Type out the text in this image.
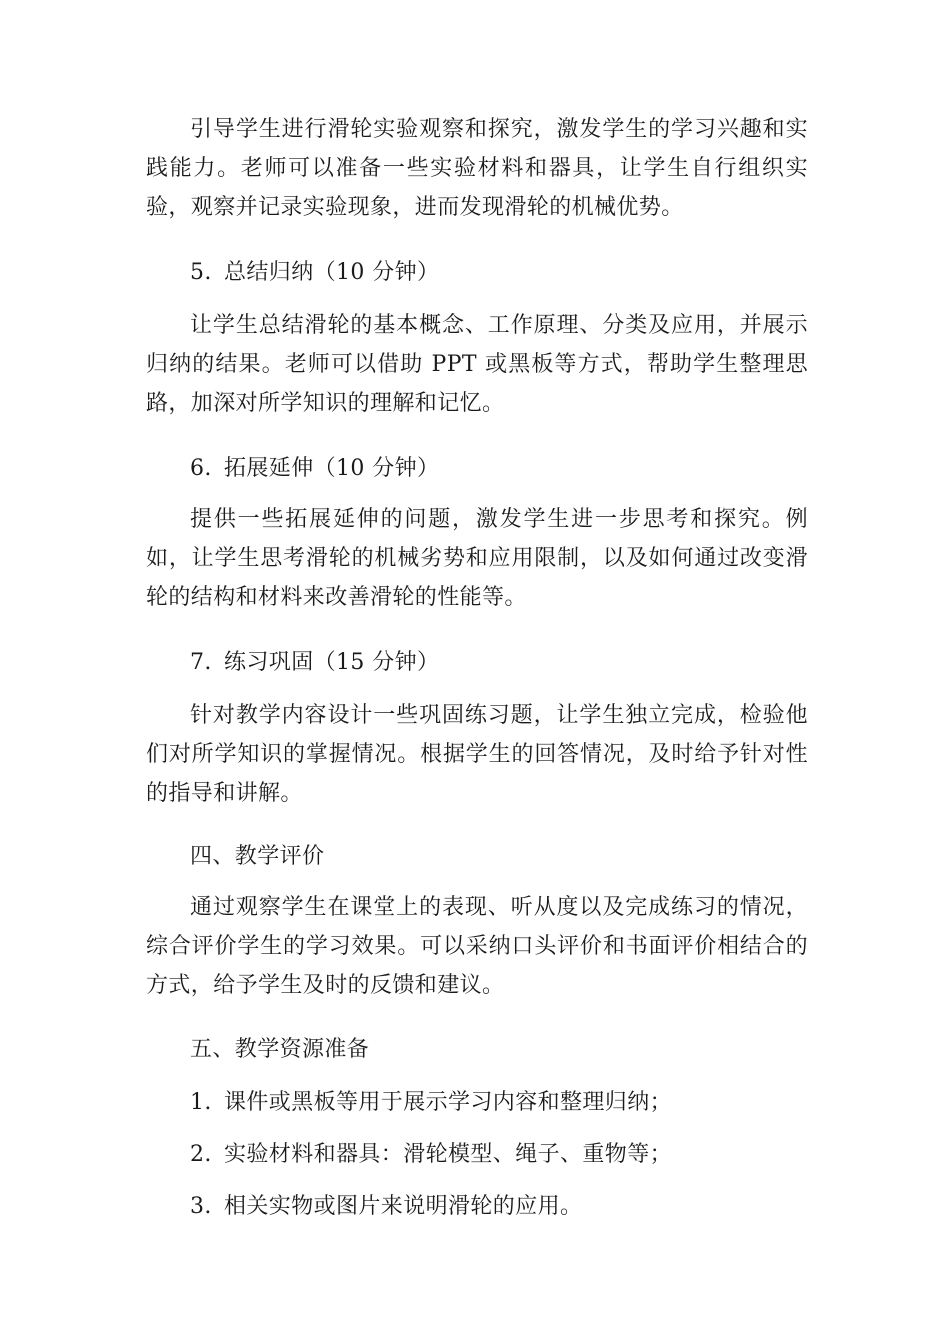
引导学生进行滑轮实验观察和探究，激发学生的学习兴趣和实践能力。老师可以准备一些实验材料和器具，让学生自行组织实验，观察并记录实验现象，进而发现滑轮的机械优势。

5. 总结归纳（10 分钟）

让学生总结滑轮的基本概念、工作原理、分类及应用，并展示归纳的结果。老师可以借助 PPT 或黑板等方式，帮助学生整理思路，加深对所学知识的理解和记忆。

6. 拓展延伸（10 分钟）

提供一些拓展延伸的问题，激发学生进一步思考和探究。例如，让学生思考滑轮的机械劣势和应用限制，以及如何通过改变滑轮的结构和材料来改善滑轮的性能等。

7. 练习巩固（15 分钟）

针对教学内容设计一些巩固练习题，让学生独立完成，检验他们对所学知识的掌握情况。根据学生的回答情况，及时给予针对性的指导和讲解。

四、教学评价

通过观察学生在课堂上的表现、听从度以及完成练习的情况，综合评价学生的学习效果。可以采纳口头评价和书面评价相结合的方式，给予学生及时的反馈和建议。

五、教学资源准备

1. 课件或黑板等用于展示学习内容和整理归纳；

2. 实验材料和器具：滑轮模型、绳子、重物等；

3. 相关实物或图片来说明滑轮的应用。
